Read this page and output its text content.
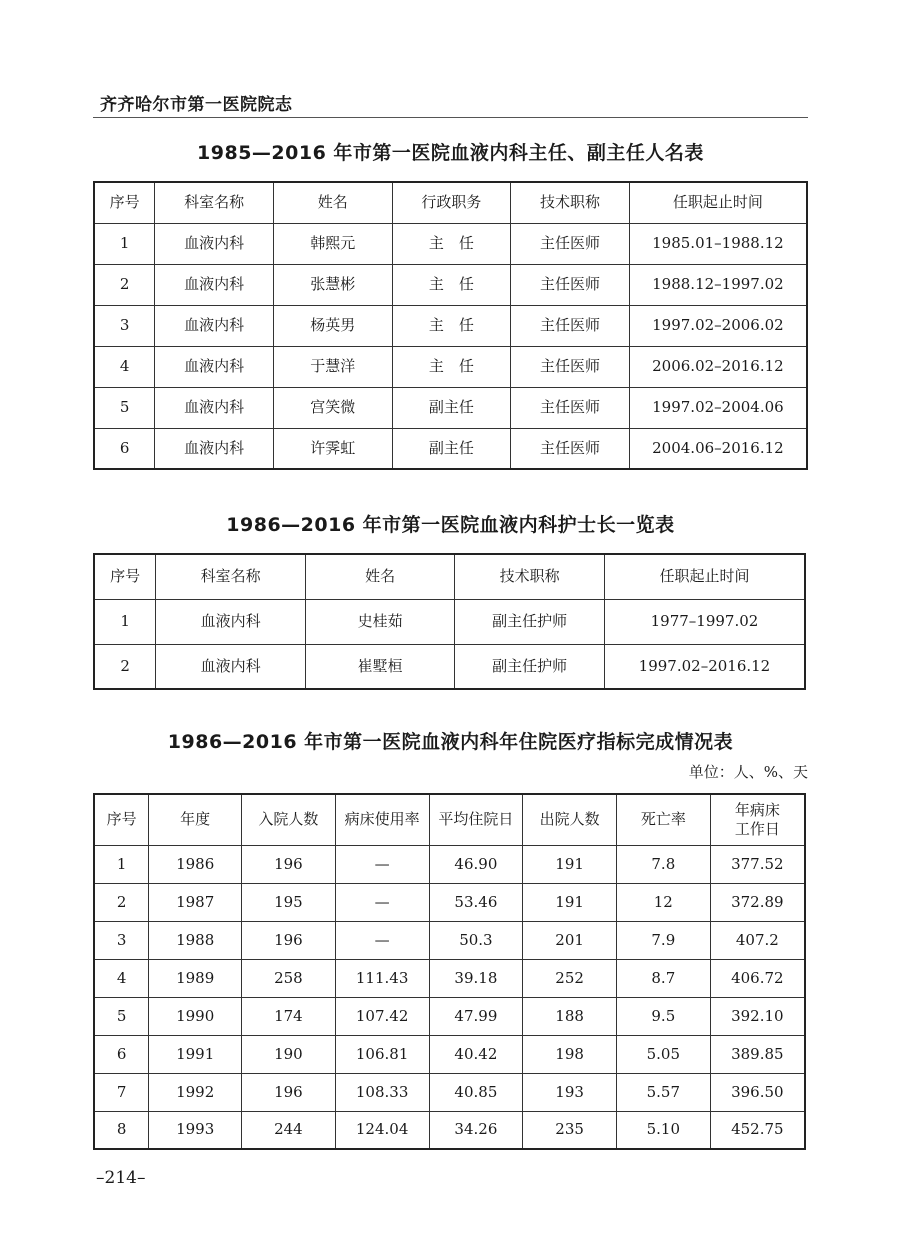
齐齐哈尔市第一医院院志
1985—2016 年市第一医院血液内科主任、副主任人名表
序号	科室名称	姓名	行政职务	技术职称	任职起止时间
1	血液内科	韩熙元	主　任	主任医师	1985.01–1988.12
2	血液内科	张慧彬	主　任	主任医师	1988.12–1997.02
3	血液内科	杨英男	主　任	主任医师	1997.02–2006.02
4	血液内科	于慧洋	主　任	主任医师	2006.02–2016.12
5	血液内科	宫笑微	副主任	主任医师	1997.02–2004.06
6	血液内科	许霁虹	副主任	主任医师	2004.06–2016.12
1986—2016 年市第一医院血液内科护士长一览表
序号	科室名称	姓名	技术职称	任职起止时间
1	血液内科	史桂茹	副主任护师	1977–1997.02
2	血液内科	崔墅桓	副主任护师	1997.02–2016.12
1986—2016 年市第一医院血液内科年住院医疗指标完成情况表
单位：人、%、天
序号	年度	入院人数	病床使用率	平均住院日	出院人数	死亡率	年病床
工作日

1	1986	196	—	46.90	191	7.8	377.52
2	1987	195	—	53.46	191	12	372.89
3	1988	196	—	50.3	201	7.9	407.2
4	1989	258	111.43	39.18	252	8.7	406.72
5	1990	174	107.42	47.99	188	9.5	392.10
6	1991	190	106.81	40.42	198	5.05	389.85
7	1992	196	108.33	40.85	193	5.57	396.50
8	1993	244	124.04	34.26	235	5.10	452.75
–214–
